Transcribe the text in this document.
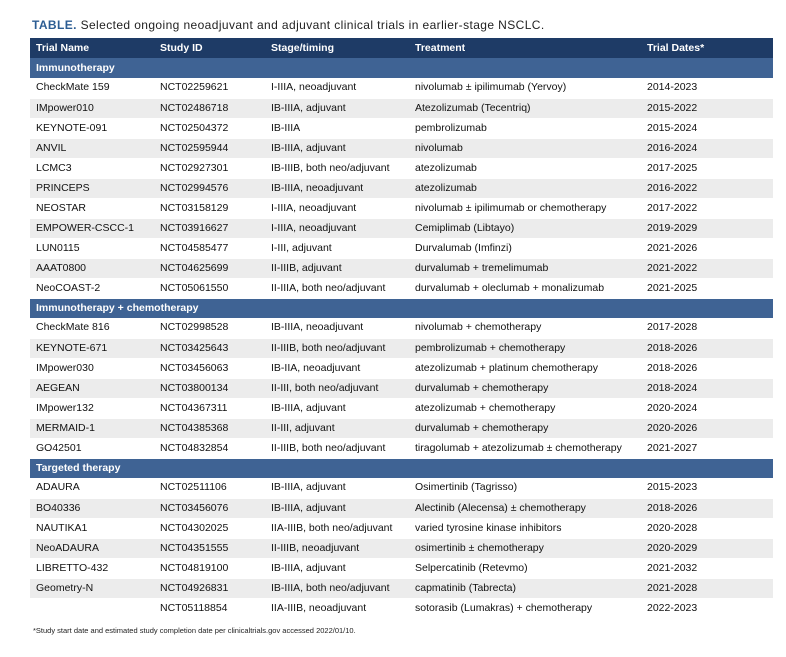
TABLE. Selected ongoing neoadjuvant and adjuvant clinical trials in earlier-stage NSCLC.
Trial Name	Study ID	Stage/timing	Treatment	Trial Dates*
Immunotherapy				
CheckMate 159	NCT02259621	I-IIIA, neoadjuvant	nivolumab ± ipilimumab (Yervoy)	2014-2023
IMpower010	NCT02486718	IB-IIIA, adjuvant	Atezolizumab (Tecentriq)	2015-2022
KEYNOTE-091	NCT02504372	IB-IIIA	pembrolizumab	2015-2024
ANVIL	NCT02595944	IB-IIIA, adjuvant	nivolumab	2016-2024
LCMC3	NCT02927301	IB-IIIB, both neo/adjuvant	atezolizumab	2017-2025
PRINCEPS	NCT02994576	IB-IIIA, neoadjuvant	atezolizumab	2016-2022
NEOSTAR	NCT03158129	I-IIIA, neoadjuvant	nivolumab ± ipilimumab or chemotherapy	2017-2022
EMPOWER-CSCC-1	NCT03916627	I-IIIA, neoadjuvant	Cemiplimab (Libtayo)	2019-2029
LUN0115	NCT04585477	I-III, adjuvant	Durvalumab (Imfinzi)	2021-2026
AAAT0800	NCT04625699	II-IIIB, adjuvant	durvalumab + tremelimumab	2021-2022
NeoCOAST-2	NCT05061550	II-IIIA, both neo/adjuvant	durvalumab + oleclumab + monalizumab	2021-2025
Immunotherapy + chemotherapy				
CheckMate 816	NCT02998528	IB-IIIA, neoadjuvant	nivolumab + chemotherapy	2017-2028
KEYNOTE-671	NCT03425643	II-IIIB, both neo/adjuvant	pembrolizumab + chemotherapy	2018-2026
IMpower030	NCT03456063	IB-IIA, neoadjuvant	atezolizumab + platinum chemotherapy	2018-2026
AEGEAN	NCT03800134	II-III, both neo/adjuvant	durvalumab + chemotherapy	2018-2024
IMpower132	NCT04367311	IB-IIIA, adjuvant	atezolizumab + chemotherapy	2020-2024
MERMAID-1	NCT04385368	II-III, adjuvant	durvalumab + chemotherapy	2020-2026
GO42501	NCT04832854	II-IIIB, both neo/adjuvant	tiragolumab + atezolizumab ± chemotherapy	2021-2027
Targeted therapy				
ADAURA	NCT02511106	IB-IIIA, adjuvant	Osimertinib (Tagrisso)	2015-2023
BO40336	NCT03456076	IB-IIIA, adjuvant	Alectinib (Alecensa) ± chemotherapy	2018-2026
NAUTIKA1	NCT04302025	IIA-IIIB, both neo/adjuvant	varied tyrosine kinase inhibitors	2020-2028
NeoADAURA	NCT04351555	II-IIIB, neoadjuvant	osimertinib ± chemotherapy	2020-2029
LIBRETTO-432	NCT04819100	IB-IIIA, adjuvant	Selpercatinib (Retevmo)	2021-2032
Geometry-N	NCT04926831	IB-IIIA, both neo/adjuvant	capmatinib (Tabrecta)	2021-2028
	NCT05118854	IIA-IIIB, neoadjuvant	sotorasib (Lumakras) + chemotherapy	2022-2023
*Study start date and estimated study completion date per clinicaltrials.gov accessed 2022/01/10.
